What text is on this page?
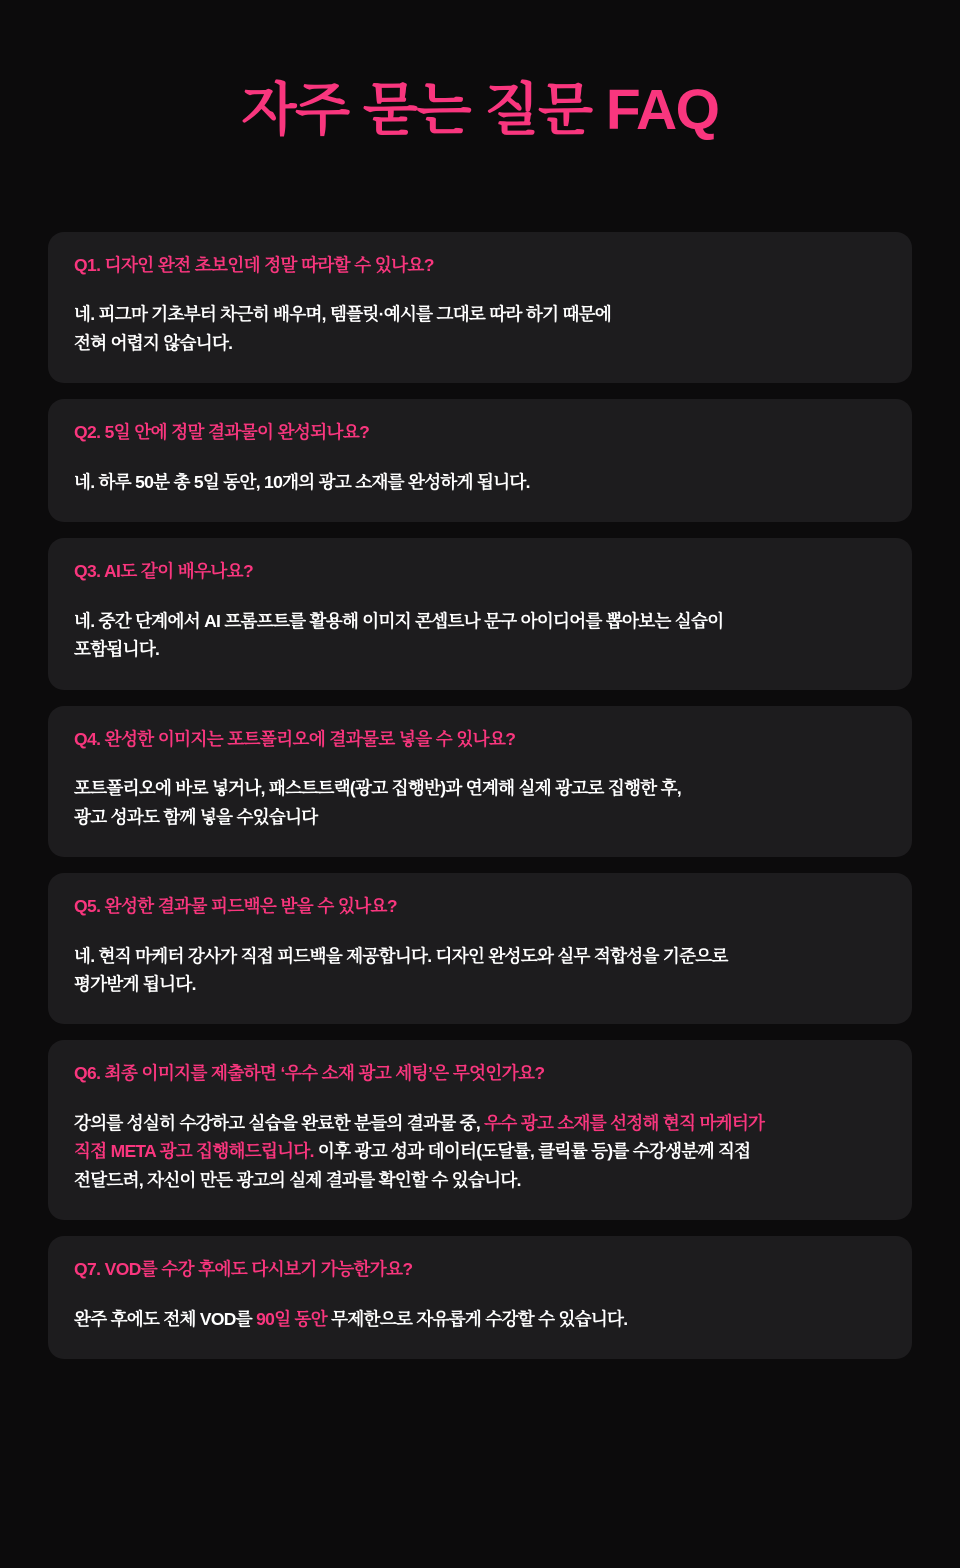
자주 묻는 질문 FAQ
Q1. 디자인 완전 초보인데 정말 따라할 수 있나요?
네. 피그마 기초부터 차근히 배우며, 템플릿·예시를 그대로 따라 하기 때문에
전혀 어렵지 않습니다.
Q2. 5일 안에 정말 결과물이 완성되나요?
네. 하루 50분 총 5일 동안, 10개의 광고 소재를 완성하게 됩니다.
Q3. AI도 같이 배우나요?
네. 중간 단계에서 AI 프롬프트를 활용해 이미지 콘셉트나 문구 아이디어를 뽑아보는 실습이
포함됩니다.
Q4. 완성한 이미지는 포트폴리오에 결과물로 넣을 수 있나요?
포트폴리오에 바로 넣거나, 패스트트랙(광고 집행반)과 연계해 실제 광고로 집행한 후,
광고 성과도 함께 넣을 수있습니다
Q5. 완성한 결과물 피드백은 받을 수 있나요?
네. 현직 마케터 강사가 직접 피드백을 제공합니다. 디자인 완성도와 실무 적합성을 기준으로
평가받게 됩니다.
Q6. 최종 이미지를 제출하면 ‘우수 소재 광고 세팅’은 무엇인가요?
강의를 성실히 수강하고 실습을 완료한 분들의 결과물 중, 우수 광고 소재를 선정해 현직 마케터가
직접 META 광고 집행해드립니다. 이후 광고 성과 데이터(도달률, 클릭률 등)를 수강생분께 직접
전달드려, 자신이 만든 광고의 실제 결과를 확인할 수 있습니다.
Q7. VOD를 수강 후에도 다시보기 가능한가요?
완주 후에도 전체 VOD를 90일 동안 무제한으로 자유롭게 수강할 수 있습니다.
